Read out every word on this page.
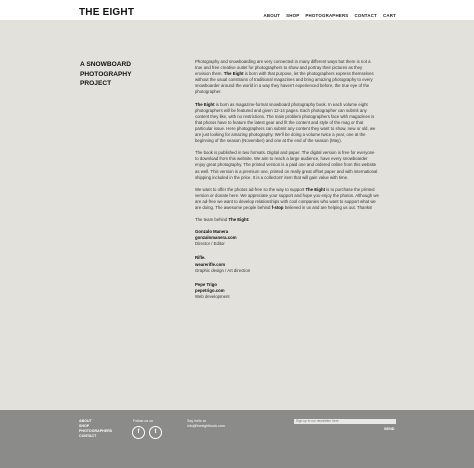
THE EIGHT	ABOUT SHOP PHOTOGRAPHERS CONTACT CART
A SNOWBOARD PHOTOGRAPHY PROJECT

Photography and snowboarding are very connected in many different ways but there is not a true and free creative outlet for photographers to show and portray their pictures as they envision them. The Eight is born with that purpose, let the photographers express themselves without the usual constrains of traditional magazines and bring amazing photography to every snowboarder around the world in a way they haven't experienced before, the true eye of the photographer.

The Eight is born as magazine-format snowboard photography book. In each volume eight photographers will be featured and given 12-14 pages. Each photographer can submit any content they like, with no restrictions. The main problem photographers face with magazines is that photos have to feature the latest gear and fit the content and style of the mag or that particular issue. Here photographers can submit any content they want to show, new or old, we are just looking for amazing photography. We'll be doing a volume twice a year, one at the beginning of the season (November) and one at the end of the season (May).

The book is published in two formats. Digital and paper. The digital version is free for everyone to download from this website. We aim to reach a large audience, have every snowboarder enjoy great photography. The printed version is a paid one and ordered online from this website as well. This version is a premium one, printed on really great offset paper and with international shipping included in the price. It is a collectors' item that will gain value with time.

We want to offer the photos ad-free so the way to support The Eight is to purchase the printed version or donate here. We appreciate your support and hope you enjoy the photos. Although we are ad-free we want to develop relationships with cool companies who want to support what we are doing. The awesome people behind f-stop believed in us and are helping us out. Thanks!

The team behind The Eight:

Gonzalo Manera
gonzalomanera.com
Director / Editor
Rifle.
wearerifle.com
Graphic design / Art direction
Pepe Trigo
pepetrigo.com
Web development
ABOUT
SHOP
PHOTOGRAPHERS
CONTACT
Follow us on
f	t
Say hello at
info@theeightbook.com
Sign up to our newsletter here
SEND
